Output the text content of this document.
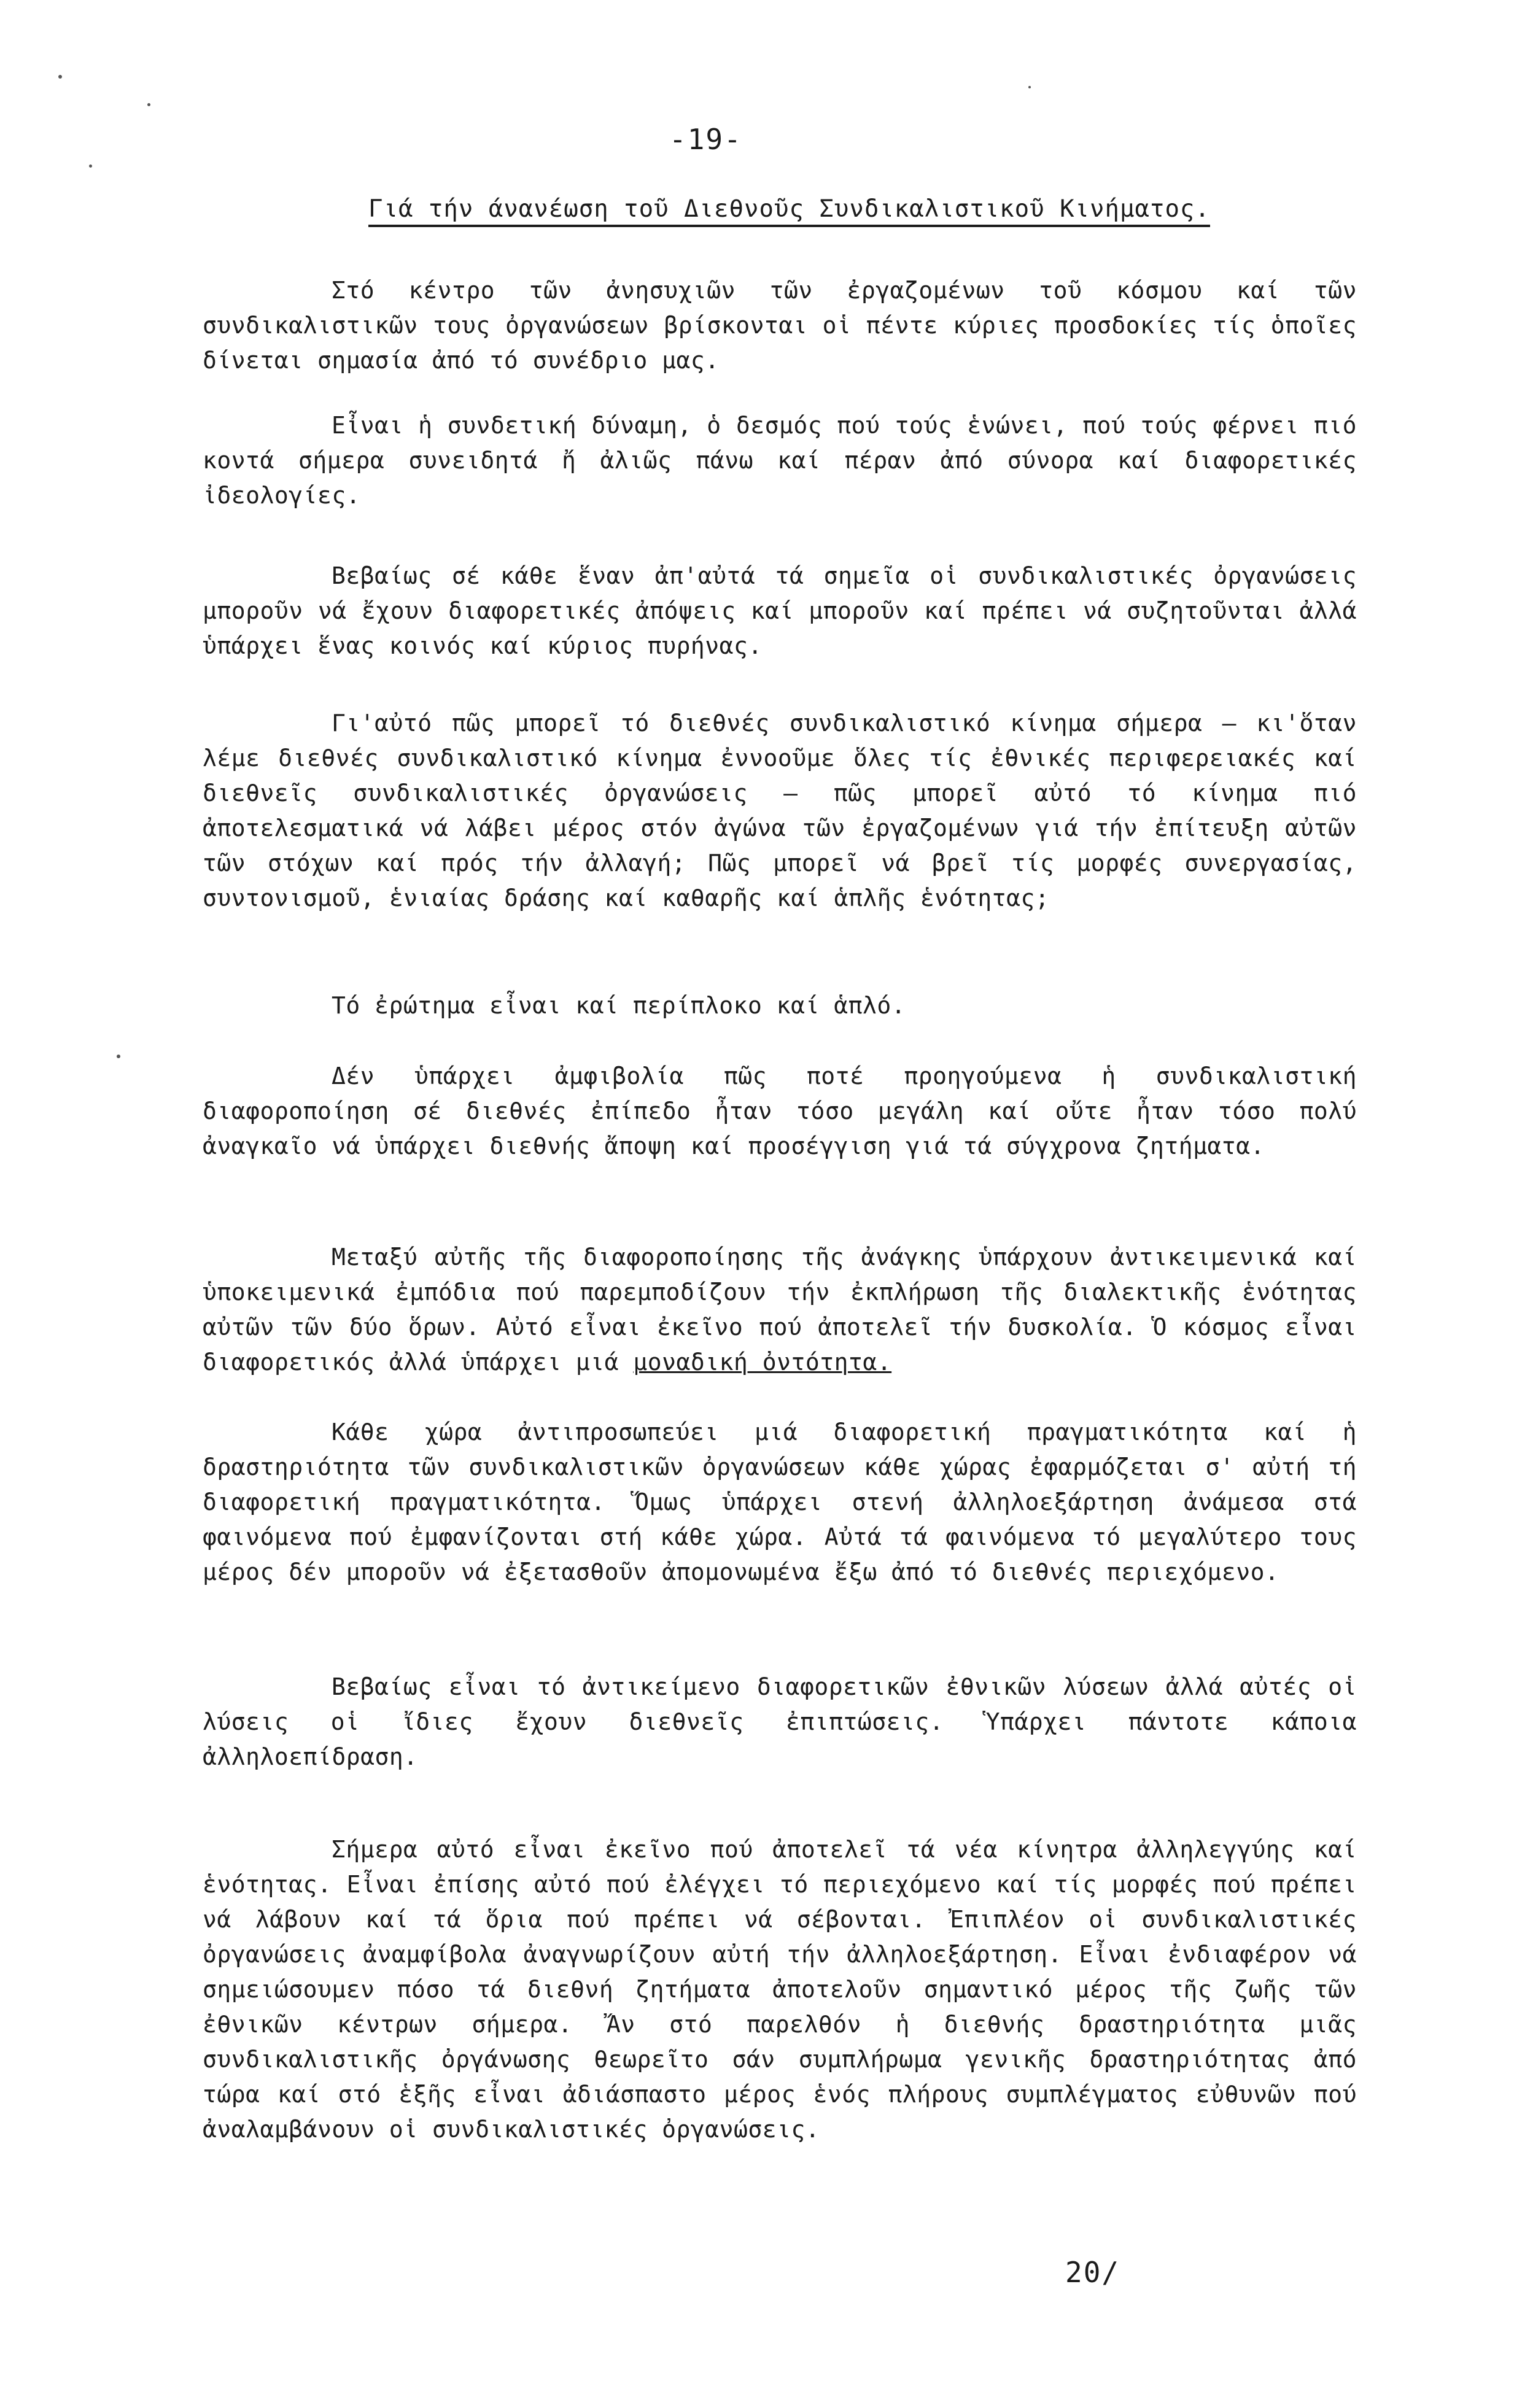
-19-
Γιά τήν άνανέωση τοῦ Διεθνοῦς Συνδικαλιστικοῦ Κινήματος.

Στό κέντρο τῶν ἀνησυχιῶν τῶν ἐργαζομένων τοῦ κόσμου καί τῶν συνδικαλιστικῶν τους ὀργανώσεων βρίσκονται οἱ πέντε κύριες προσδοκίες τίς ὁποῖες δίνεται σημασία ἀπό τό συνέδριο μας.

Εἶναι ἡ συνδετική δύναμη, ὁ δεσμός πού τούς ἑνώνει, πού τούς φέρνει πιό κοντά σήμερα συνειδητά ἤ ἀλιῶς πάνω καί πέραν ἀπό σύνορα καί διαφορετικές ἰδεολογίες.

Βεβαίως σέ κάθε ἕναν ἀπ'αὐτά τά σημεῖα οἱ συνδικαλιστικές ὀργανώσεις μποροῦν νά ἔχουν διαφορετικές ἀπόψεις καί μποροῦν καί πρέπει νά συζητοῦνται ἀλλά ὑπάρχει ἕνας κοινός καί κύριος πυρήνας.

Γι'αὐτό πῶς μπορεῖ τό διεθνές συνδικαλιστικό κίνημα σήμερα – κι'ὅταν λέμε διεθνές συνδικαλιστικό κίνημα ἐννοοῦμε ὅλες τίς ἐθνικές περιφερειακές καί διεθνεῖς συνδικαλιστικές ὀργανώσεις – πῶς μπορεῖ αὐτό τό κίνημα πιό ἀποτελεσματικά νά λάβει μέρος στόν ἀγώνα τῶν ἐργαζομένων γιά τήν ἐπίτευξη αὐτῶν τῶν στόχων καί πρός τήν ἀλλαγή; Πῶς μπορεῖ νά βρεῖ τίς μορφές συνεργασίας, συντονισμοῦ, ἑνιαίας δράσης καί καθαρῆς καί ἁπλῆς ἑνότητας;

Τό ἐρώτημα εἶναι καί περίπλοκο καί ἁπλό.

Δέν ὑπάρχει ἀμφιβολία πῶς ποτέ προηγούμενα ἡ συνδικαλιστική διαφοροποίηση σέ διεθνές ἐπίπεδο ἦταν τόσο μεγάλη καί οὔτε ἦταν τόσο πολύ ἀναγκαῖο νά ὑπάρχει διεθνής ἄποψη καί προσέγγιση γιά τά σύγχρονα ζητήματα.

Μεταξύ αὐτῆς τῆς διαφοροποίησης τῆς ἀνάγκης ὑπάρχουν ἀντικειμενικά καί ὑποκειμενικά ἐμπόδια πού παρεμποδίζουν τήν ἐκπλήρωση τῆς διαλεκτικῆς ἑνότητας αὐτῶν τῶν δύο ὅρων. Αὐτό εἶναι ἐκεῖνο πού ἀποτελεῖ τήν δυσκολία. Ὁ κόσμος εἶναι διαφορετικός ἀλλά ὑπάρχει μιά μοναδική ὀντότητα.

Κάθε χώρα ἀντιπροσωπεύει μιά διαφορετική πραγματικότητα καί ἡ δραστηριότητα τῶν συνδικαλιστικῶν ὀργανώσεων κάθε χώρας ἐφαρμόζεται σ' αὐτή τή διαφορετική πραγματικότητα. Ὅμως ὑπάρχει στενή ἀλληλοεξάρτηση ἀνάμεσα στά φαινόμενα πού ἐμφανίζονται στή κάθε χώρα. Αὐτά τά φαινόμενα τό μεγαλύτερο τους μέρος δέν μποροῦν νά ἐξετασθοῦν ἀπομονωμένα ἔξω ἀπό τό διεθνές περιεχόμενο.

Βεβαίως εἶναι τό ἀντικείμενο διαφορετικῶν ἐθνικῶν λύσεων ἀλλά αὐτές οἱ λύσεις οἱ ἴδιες ἔχουν διεθνεῖς ἐπιπτώσεις. Ὑπάρχει πάντοτε κάποια ἀλληλοεπίδραση.

Σήμερα αὐτό εἶναι ἐκεῖνο πού ἀποτελεῖ τά νέα κίνητρα ἀλληλεγγύης καί ἑνότητας. Εἶναι ἐπίσης αὐτό πού ἐλέγχει τό περιεχόμενο καί τίς μορφές πού πρέπει νά λάβουν καί τά ὅρια πού πρέπει νά σέβονται. Ἐπιπλέον οἱ συνδικαλιστικές ὀργανώσεις ἀναμφίβολα ἀναγνωρίζουν αὐτή τήν ἀλληλοεξάρτηση. Εἶναι ἐνδιαφέρον νά σημειώσουμεν πόσο τά διεθνή ζητήματα ἀποτελοῦν σημαντικό μέρος τῆς ζωῆς τῶν ἐθνικῶν κέντρων σήμερα. Ἄν στό παρελθόν ἡ διεθνής δραστηριότητα μιᾶς συνδικαλιστικῆς ὀργάνωσης θεωρεῖτο σάν συμπλήρωμα γενικῆς δραστηριότητας ἀπό τώρα καί στό ἑξῆς εἶναι ἀδιάσπαστο μέρος ἑνός πλήρους συμπλέγματος εὐθυνῶν πού ἀναλαμβάνουν οἱ συνδικαλιστικές ὀργανώσεις.

20/
